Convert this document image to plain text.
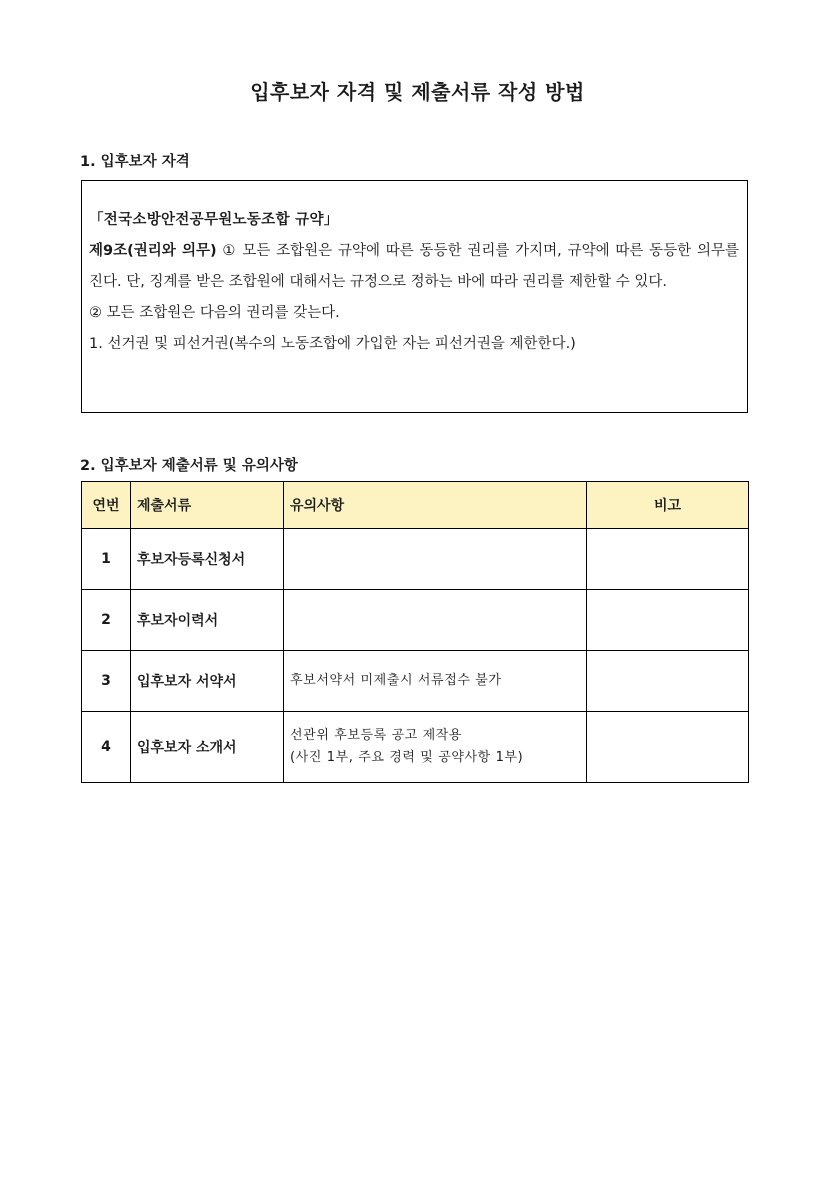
입후보자 자격 및 제출서류 작성 방법
1. 입후보자 자격
「전국소방안전공무원노동조합 규약」

제9조(권리와 의무) ① 모든 조합원은 규약에 따른 동등한 권리를 가지며, 규약에 따른 동등한 의무를 진다. 단, 징계를 받은 조합원에 대해서는 규정으로 정하는 바에 따라 권리를 제한할 수 있다.

② 모든 조합원은 다음의 권리를 갖는다.

1. 선거권 및 피선거권(복수의 노동조합에 가입한 자는 피선거권을 제한한다.)

2. 입후보자 제출서류 및 유의사항
연번	제출서류	유의사항	비고
1	후보자등록신청서	

2	후보자이력서	

3	입후보자 서약서	후보서약서 미제출시 서류접수 불가	

4	입후보자 소개서	선관위 후보등록 공고 제작용
(사진 1부, 주요 경력 및 공약사항 1부)	
